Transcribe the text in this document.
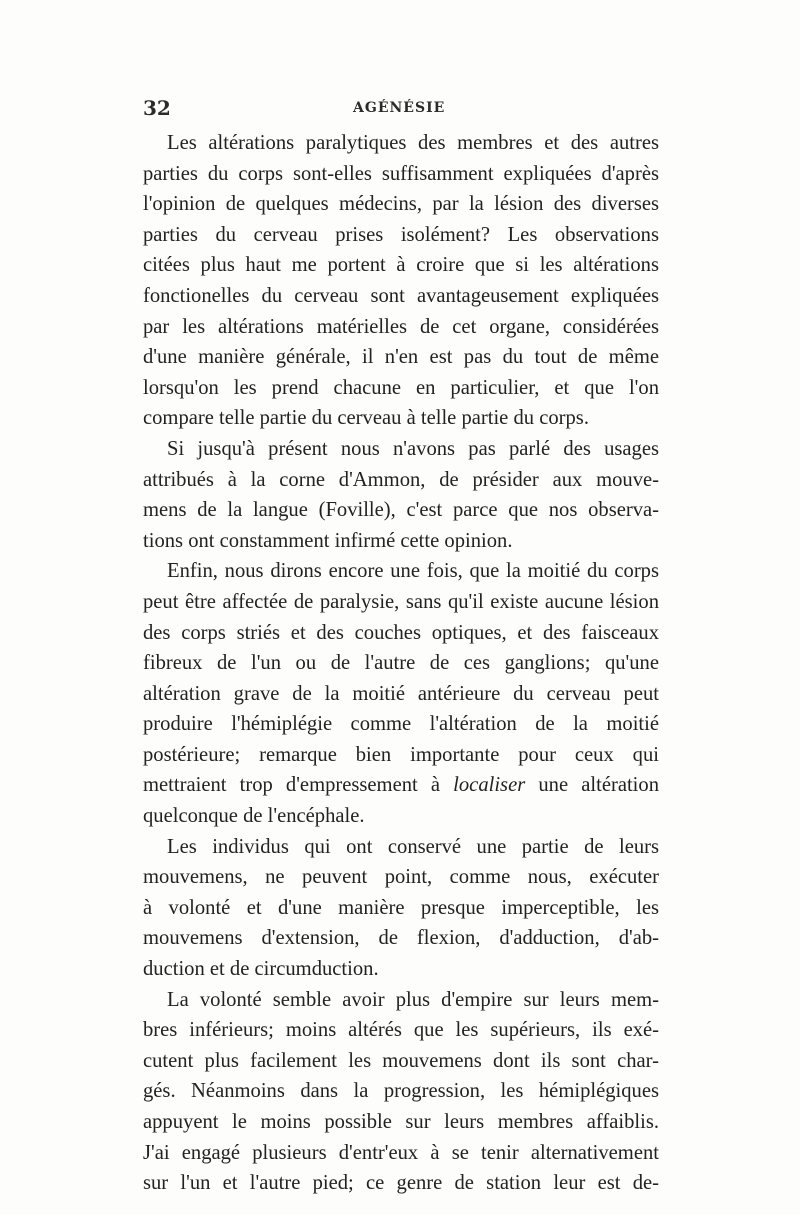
32	AGÉNÉSIE
Les altérations paralytiques des membres et des autres
parties du corps sont-elles suffisamment expliquées d'après
l'opinion de quelques médecins, par la lésion des diverses
parties du cerveau prises isolément? Les observations
citées plus haut me portent à croire que si les altérations
fonctionelles du cerveau sont avantageusement expliquées
par les altérations matérielles de cet organe, considérées
d'une manière générale, il n'en est pas du tout de même
lorsqu'on les prend chacune en particulier, et que l'on
compare telle partie du cerveau à telle partie du corps.
Si jusqu'à présent nous n'avons pas parlé des usages
attribués à la corne d'Ammon, de présider aux mouve-
mens de la langue (Foville), c'est parce que nos observa-
tions ont constamment infirmé cette opinion.
Enfin, nous dirons encore une fois, que la moitié du corps
peut être affectée de paralysie, sans qu'il existe aucune lésion
des corps striés et des couches optiques, et des faisceaux
fibreux de l'un ou de l'autre de ces ganglions; qu'une
altération grave de la moitié antérieure du cerveau peut
produire l'hémiplégie comme l'altération de la moitié
postérieure; remarque bien importante pour ceux qui
mettraient trop d'empressement à localiser une altération
quelconque de l'encéphale.
Les individus qui ont conservé une partie de leurs
mouvemens, ne peuvent point, comme nous, exécuter
à volonté et d'une manière presque imperceptible, les
mouvemens d'extension, de flexion, d'adduction, d'ab-
duction et de circumduction.
La volonté semble avoir plus d'empire sur leurs mem-
bres inférieurs; moins altérés que les supérieurs, ils exé-
cutent plus facilement les mouvemens dont ils sont char-
gés. Néanmoins dans la progression, les hémiplégiques
appuyent le moins possible sur leurs membres affaiblis.
J'ai engagé plusieurs d'entr'eux à se tenir alternativement
sur l'un et l'autre pied; ce genre de station leur est de-
